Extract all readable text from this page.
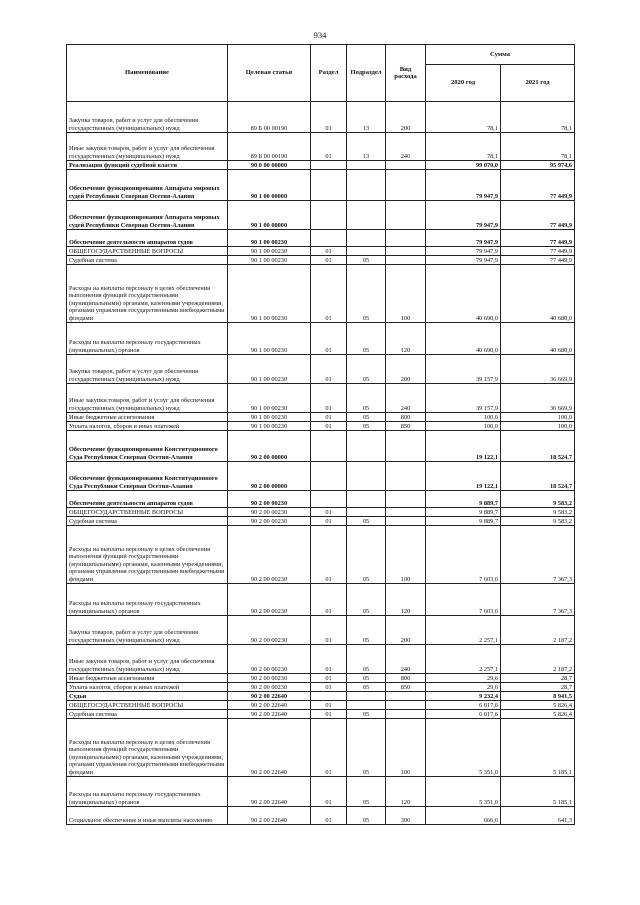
934
Наименование	Целевая статья	Раздел	Подраздел	Вид расхода	Сумма	
					2020 год	2021 год
Закупка товаров, работ и услуг для обеспечения государственных (муниципальных) нужд	89 Б 00 00190	01	13	200	78,1	78,1
Иные закупки товаров, работ и услуг для обеспечения государственных (муниципальных) нужд	89 Б 00 00190	01	13	240	78,1	78,1
Реализация функций судебной власти	90 0 00 00000				99 070,0	95 974,6
Обеспечение функционирования Аппарата мировых судей Республики Северная Осетия-Алания	90 1 00 00000				79 947,9	77 449,9
Обеспечение функционирования Аппарата мировых судей Республики Северная Осетия-Алания	90 1 00 00000				79 947,9	77 449,9
Обеспечение деятельности аппаратов судов	90 1 00 00230				79 947,9	77 449,9
ОБЩЕГОСУДАРСТВЕННЫЕ ВОПРОСЫ	90 1 00 00230	01			79 947,9	77 449,9
Судебная система	90 1 00 00230	01	05		79 947,9	77 449,9
Расходы на выплаты персоналу в целях обеспечения выполнения функций государственными (муниципальными) органами, казенными учреждениями, органами управления государственными внебюджетными фондами	90 1 00 00230	01	05	100	40 690,0	40 680,0
Расходы на выплаты персоналу государственных (муниципальных) органов	90 1 00 00230	01	05	120	40 690,0	40 680,0
Закупка товаров, работ и услуг для обеспечения государственных (муниципальных) нужд	90 1 00 00230	01	05	200	39 157,9	36 669,9
Иные закупки товаров, работ и услуг для обеспечения государственных (муниципальных) нужд	90 1 00 00230	01	05	240	39 157,9	36 669,9
Иные бюджетные ассигнования	90 1 00 00230	01	05	800	100,0	100,0
Уплата налогов, сборов и иных платежей	90 1 00 00230	01	05	850	100,0	100,0
Обеспечение функционирования Конституционного Суда Республики Северная Осетия-Алания	90 2 00 00000				19 122,1	18 524,7
Обеспечение функционирования Конституционного Суда Республики Северная Осетия-Алания	90 2 00 00000				19 122,1	18 524,7
Обеспечение деятельности аппаратов судов	90 2 00 00230				9 889,7	9 583,2
ОБЩЕГОСУДАРСТВЕННЫЕ ВОПРОСЫ	90 2 00 00230	01			9 889,7	9 583,2
Судебная система	90 2 00 00230	01	05		9 889,7	9 583,2
Расходы на выплаты персоналу в целях обеспечения выполнения функций государственными (муниципальными) органами, казенными учреждениями, органами управления государственными внебюджетными фондами	90 2 00 00230	01	05	100	7 603,0	7 367,3
Расходы на выплаты персоналу государственных (муниципальных) органов	90 2 00 00230	01	05	120	7 603,0	7 367,3
Закупка товаров, работ и услуг для обеспечения государственных (муниципальных) нужд	90 2 00 00230	01	05	200	2 257,1	2 187,2
Иные закупки товаров, работ и услуг для обеспечения государственных (муниципальных) нужд	90 2 00 00230	01	05	240	2 257,1	2 187,2
Иные бюджетные ассигнования	90 2 00 00230	01	05	800	29,6	28,7
Уплата налогов, сборов и иных платежей	90 2 00 00230	01	05	850	29,6	28,7
Судьи	90 2 00 22640				9 232,4	8 941,5
ОБЩЕГОСУДАРСТВЕННЫЕ ВОПРОСЫ	90 2 00 22640	01			6 017,6	5 826,4
Судебная система	90 2 00 22640	01	05		6 017,6	5 826,4
Расходы на выплаты персоналу в целях обеспечения выполнения функций государственными (муниципальными) органами, казенными учреждениями, органами управления государственными внебюджетными фондами	90 2 00 22640	01	05	100	5 351,0	5 185,1
Расходы на выплаты персоналу государственных (муниципальных) органов	90 2 00 22640	01	05	120	5 351,0	5 185,1
Социальное обеспечение и иные выплаты населению	90 2 00 22640	01	05	300	666,6	641,3
